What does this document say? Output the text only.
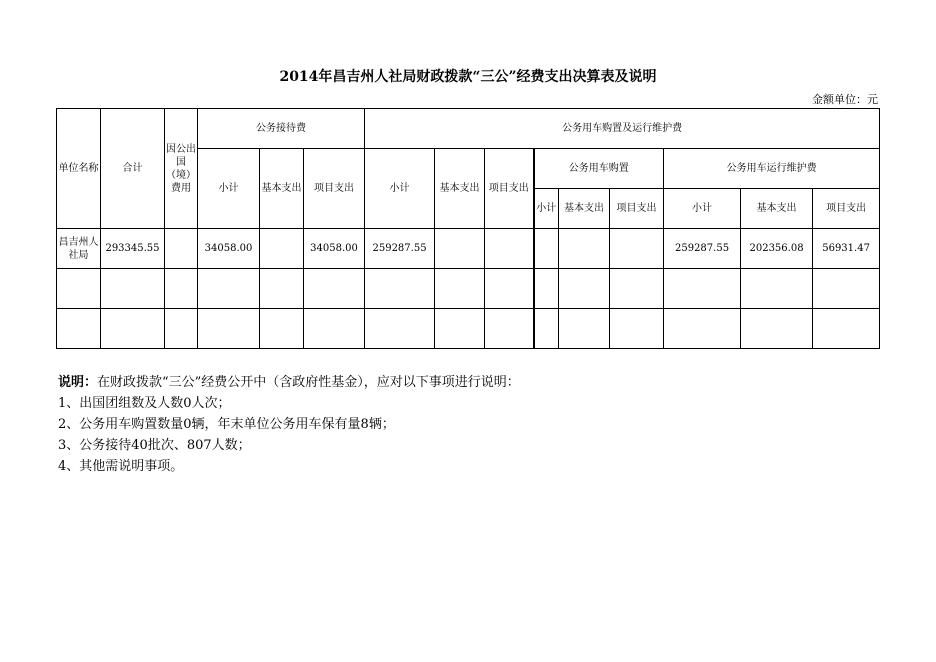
2014年昌吉州人社局财政拨款“三公”经费支出决算表及说明
金额单位：元
单位名称	合计	因公出国（境）费用	公务接待费			公务用车购置及运行维护费								
			小计	基本支出	项目支出	小计	基本支出	项目支出	公务用车购置			公务用车运行维护费		
									小计	基本支出	项目支出	小计	基本支出	项目支出
昌吉州人社局	293345.55		34058.00		34058.00	259287.55						259287.55	202356.08	56931.47

说明：在财政拨款“三公”经费公开中（含政府性基金），应对以下事项进行说明：
1、出国团组数及人数0人次；
2、公务用车购置数量0辆，年末单位公务用车保有量8辆；
3、公务接待40批次、807人数；
4、其他需说明事项。
